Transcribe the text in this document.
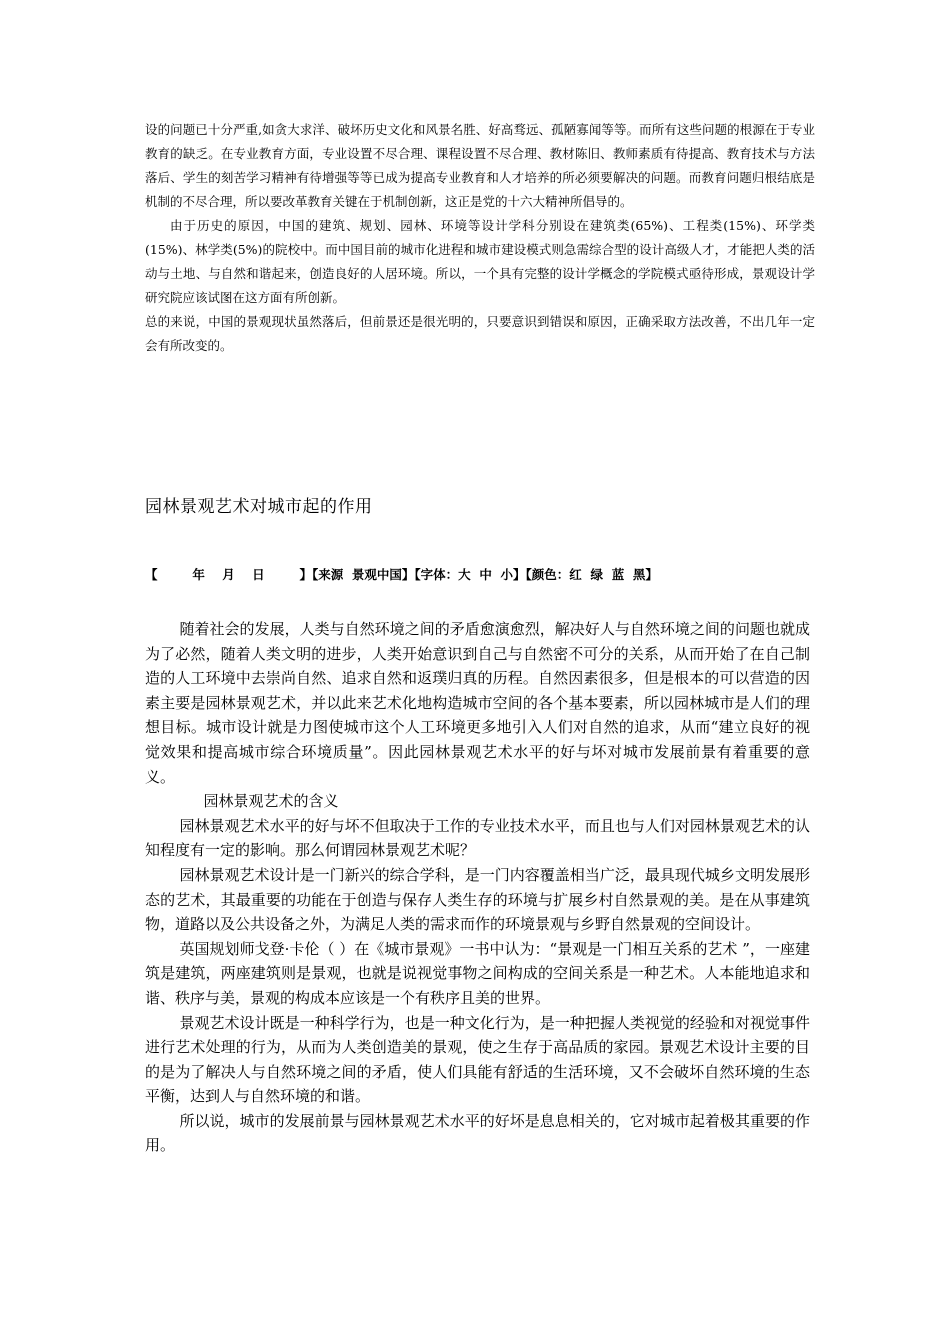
设的问题已十分严重,如贪大求洋、破坏历史文化和风景名胜、好高骛远、孤陋寡闻等等。而所有这些问题的根源在于专业教育的缺乏。在专业教育方面，专业设置不尽合理、课程设置不尽合理、教材陈旧、教师素质有待提高、教育技术与方法落后、学生的刻苦学习精神有待增强等等已成为提高专业教育和人才培养的所必须要解决的问题。而教育问题归根结底是机制的不尽合理，所以要改革教育关键在于机制创新，这正是党的十六大精神所倡导的。

由于历史的原因，中国的建筑、规划、园林、环境等设计学科分别设在建筑类(65%)、工程类(15%)、环学类(15%)、林学类(5%)的院校中。而中国目前的城市化进程和城市建设模式则急需综合型的设计高级人才，才能把人类的活动与土地、与自然和谐起来，创造良好的人居环境。所以，一个具有完整的设计学概念的学院模式亟待形成，景观设计学研究院应该试图在这方面有所创新。

总的来说，中国的景观现状虽然落后，但前景还是很光明的，只要意识到错误和原因，正确采取方法改善，不出几年一定会有所改变的。

园林景观艺术对城市起的作用
【        年    月    日        】【来源  景观中国】【字体：大  中  小】【颜色：红  绿  蓝  黑】

随着社会的发展，人类与自然环境之间的矛盾愈演愈烈，解决好人与自然环境之间的问题也就成为了必然，随着人类文明的进步，人类开始意识到自己与自然密不可分的关系，从而开始了在自己制造的人工环境中去崇尚自然、追求自然和返璞归真的历程。自然因素很多，但是根本的可以营造的因素主要是园林景观艺术，并以此来艺术化地构造城市空间的各个基本要素，所以园林城市是人们的理想目标。城市设计就是力图使城市这个人工环境更多地引入人们对自然的追求，从而“建立良好的视觉效果和提高城市综合环境质量”。因此园林景观艺术水平的好与坏对城市发展前景有着重要的意义。

园林景观艺术的含义

园林景观艺术水平的好与坏不但取决于工作的专业技术水平，而且也与人们对园林景观艺术的认知程度有一定的影响。那么何谓园林景观艺术呢？

园林景观艺术设计是一门新兴的综合学科，是一门内容覆盖相当广泛，最具现代城乡文明发展形态的艺术，其最重要的功能在于创造与保存人类生存的环境与扩展乡村自然景观的美。是在从事建筑物，道路以及公共设备之外，为满足人类的需求而作的环境景观与乡野自然景观的空间设计。

英国规划师戈登·卡伦（ ）在《城市景观》一书中认为：“景观是一门相互关系的艺术 ”，一座建筑是建筑，两座建筑则是景观，也就是说视觉事物之间构成的空间关系是一种艺术。人本能地追求和谐、秩序与美，景观的构成本应该是一个有秩序且美的世界。

景观艺术设计既是一种科学行为，也是一种文化行为，是一种把握人类视觉的经验和对视觉事件进行艺术处理的行为，从而为人类创造美的景观，使之生存于高品质的家园。景观艺术设计主要的目的是为了解决人与自然环境之间的矛盾，使人们具能有舒适的生活环境，又不会破坏自然环境的生态平衡，达到人与自然环境的和谐。

所以说，城市的发展前景与园林景观艺术水平的好坏是息息相关的，它对城市起着极其重要的作用。
